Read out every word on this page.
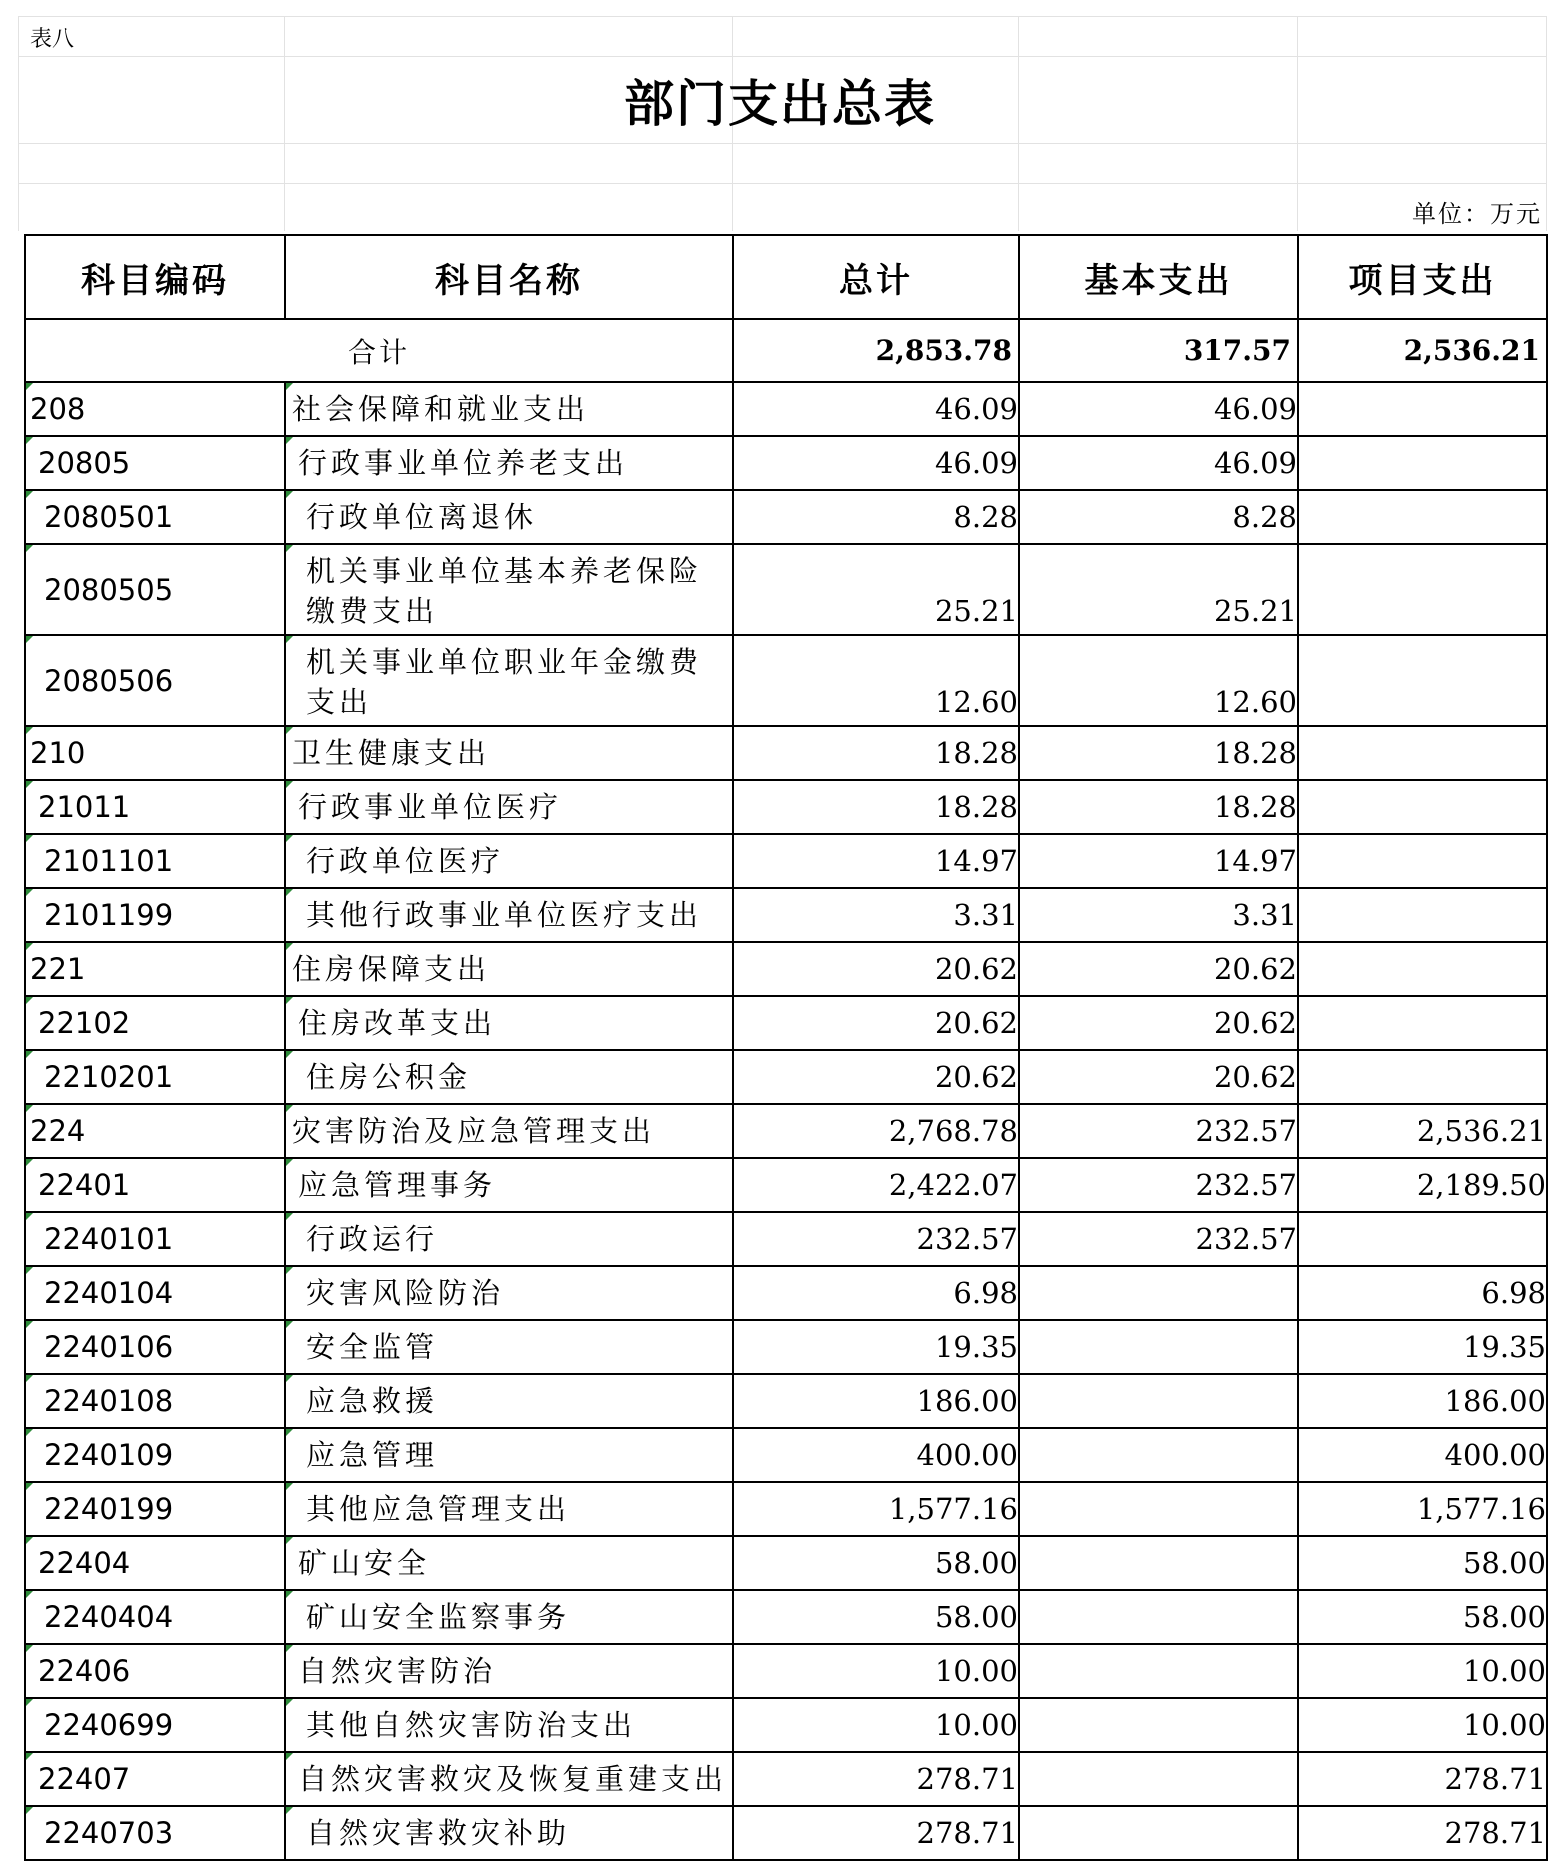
表八
部门支出总表
单位：万元
科目编码	科目名称	总计	基本支出	项目支出
合计		2,853.78	317.57	2,536.21
208	社会保障和就业支出	46.09	46.09	
20805	行政事业单位养老支出	46.09	46.09	
2080501	行政单位离退休	8.28	8.28	
2080505	机关事业单位基本养老保险缴费支出	25.21	25.21	
2080506	机关事业单位职业年金缴费支出	12.60	12.60	
210	卫生健康支出	18.28	18.28	
21011	行政事业单位医疗	18.28	18.28	
2101101	行政单位医疗	14.97	14.97	
2101199	其他行政事业单位医疗支出	3.31	3.31	
221	住房保障支出	20.62	20.62	
22102	住房改革支出	20.62	20.62	
2210201	住房公积金	20.62	20.62	
224	灾害防治及应急管理支出	2,768.78	232.57	2,536.21
22401	应急管理事务	2,422.07	232.57	2,189.50
2240101	行政运行	232.57	232.57	
2240104	灾害风险防治	6.98		6.98
2240106	安全监管	19.35		19.35
2240108	应急救援	186.00		186.00
2240109	应急管理	400.00		400.00
2240199	其他应急管理支出	1,577.16		1,577.16
22404	矿山安全	58.00		58.00
2240404	矿山安全监察事务	58.00		58.00
22406	自然灾害防治	10.00		10.00
2240699	其他自然灾害防治支出	10.00		10.00
22407	自然灾害救灾及恢复重建支出	278.71		278.71
2240703	自然灾害救灾补助	278.71		278.71
